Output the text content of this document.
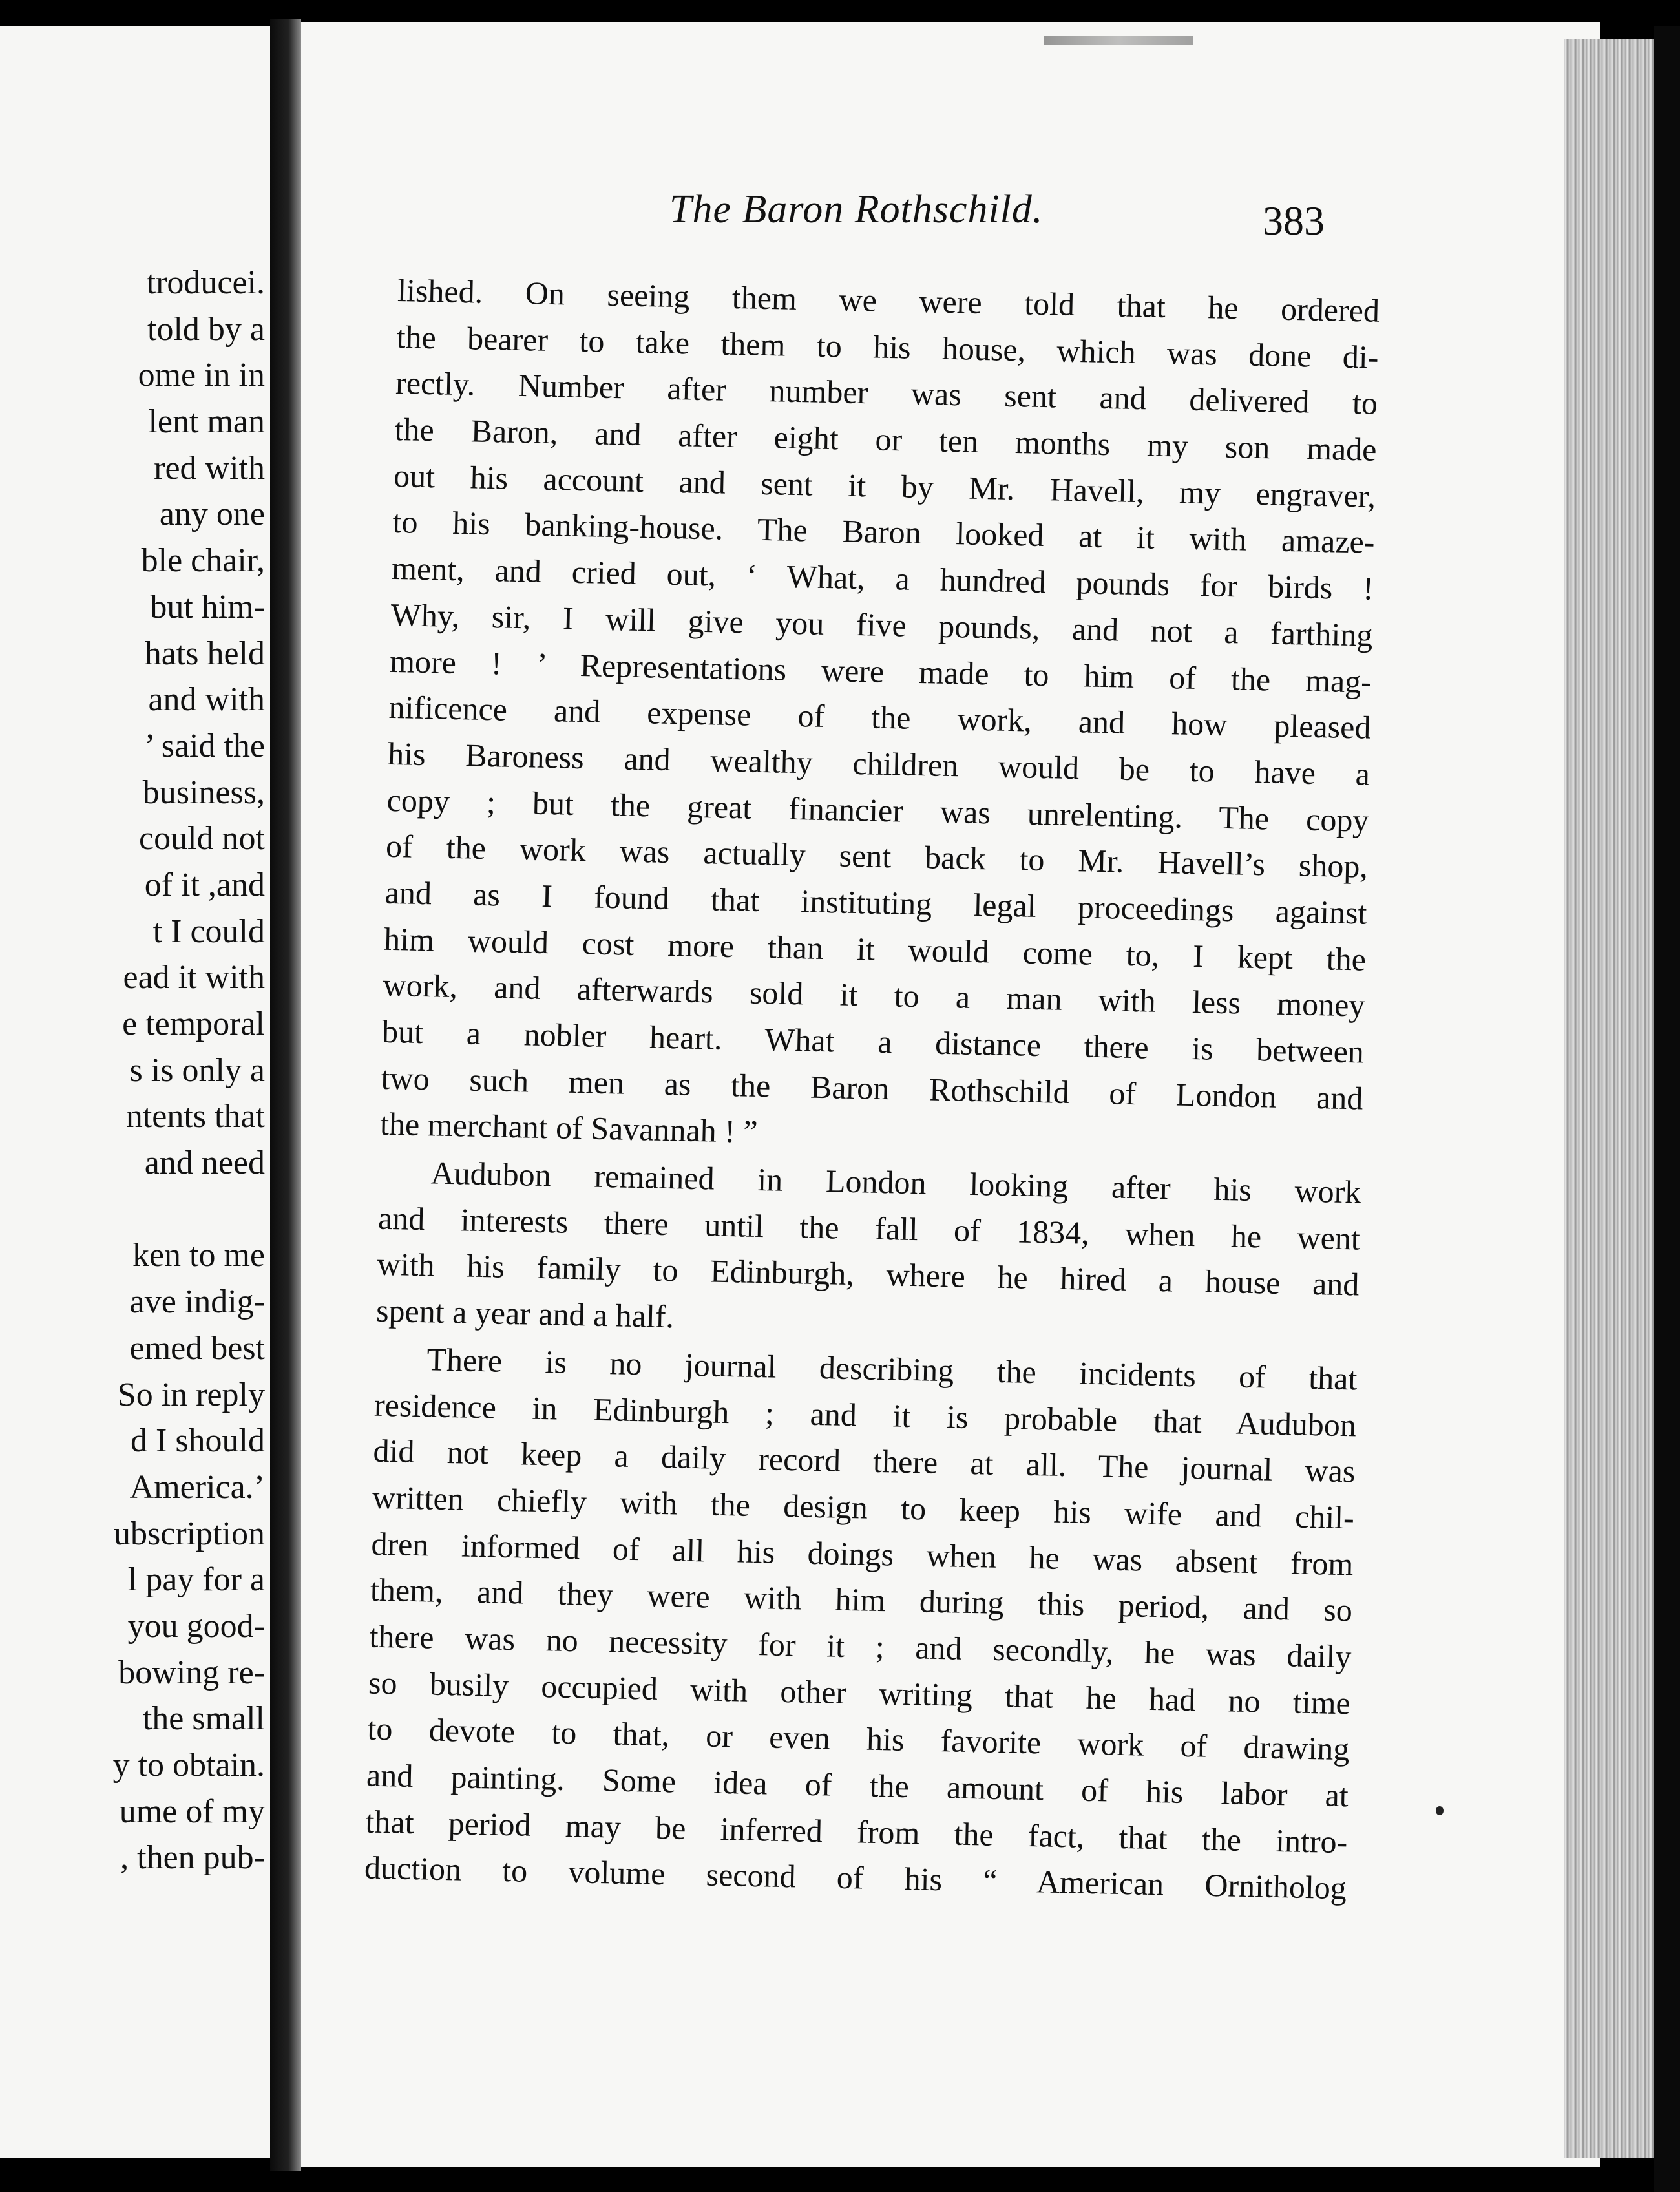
troducei.
told by a
ome in in
lent man
red with
any one
ble chair,
but him-
hats held
and with
’ said the
business,
could not
of it ,and
t I could
ead it with
e temporal
s is only a
ntents that
and need
ken to me
ave indig-
emed best
So in reply
d I should
America.’
ubscription
l pay for a
you good-
bowing re-
the small
y to obtain.
ume of my
, then pub-
The Baron Rothschild.	383
lished. On seeing them we were told that he ordered
the bearer to take them to his house, which was done di-
rectly. Number after number was sent and delivered to
the Baron, and after eight or ten months my son made
out his account and sent it by Mr. Havell, my engraver,
to his banking-house. The Baron looked at it with amaze-
ment, and cried out, ‘ What, a hundred pounds for birds !
Why, sir, I will give you five pounds, and not a farthing
more ! ’ Representations were made to him of the mag-
nificence and expense of the work, and how pleased
his Baroness and wealthy children would be to have a
copy ; but the great financier was unrelenting. The copy
of the work was actually sent back to Mr. Havell’s shop,
and as I found that instituting legal proceedings against
him would cost more than it would come to, I kept the
work, and afterwards sold it to a man with less money
but a nobler heart. What a distance there is between
two such men as the Baron Rothschild of London and
the merchant of Savannah ! ”
Audubon remained in London looking after his work
and interests there until the fall of 1834, when he went
with his family to Edinburgh, where he hired a house and
spent a year and a half.
There is no journal describing the incidents of that
residence in Edinburgh ; and it is probable that Audubon
did not keep a daily record there at all. The journal was
written chiefly with the design to keep his wife and chil-
dren informed of all his doings when he was absent from
them, and they were with him during this period, and so
there was no necessity for it ; and secondly, he was daily
so busily occupied with other writing that he had no time
to devote to that, or even his favorite work of drawing
and painting. Some idea of the amount of his labor at
that period may be inferred from the fact, that the intro-
duction to volume second of his “ American Ornitholog
